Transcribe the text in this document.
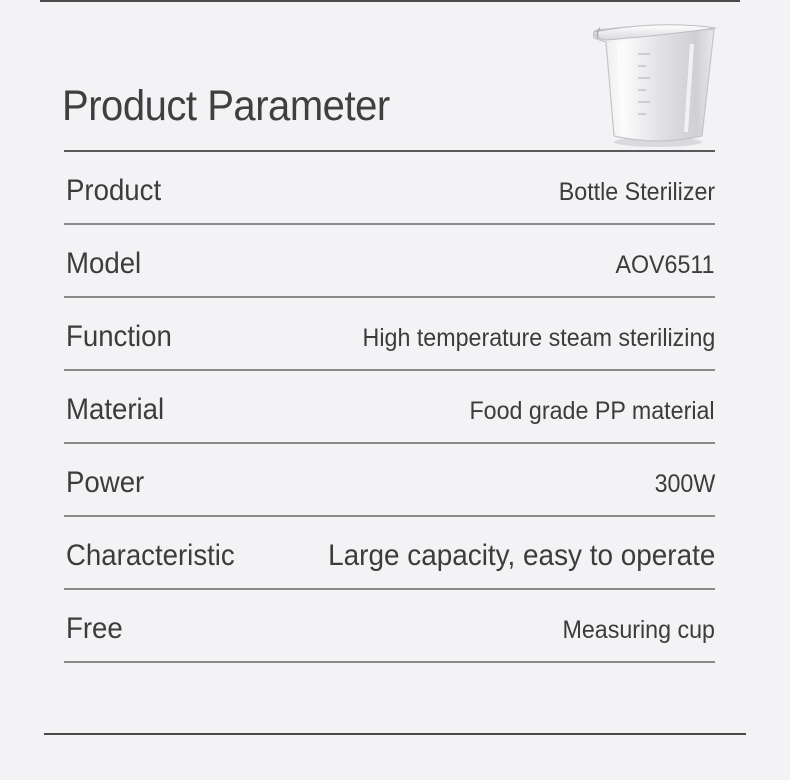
Product Parameter
Product	Bottle Sterilizer
Model	AOV6511
Function	High temperature steam sterilizing
Material	Food grade PP material
Power	300W
Characteristic	Large capacity, easy to operate
Free	Measuring cup
